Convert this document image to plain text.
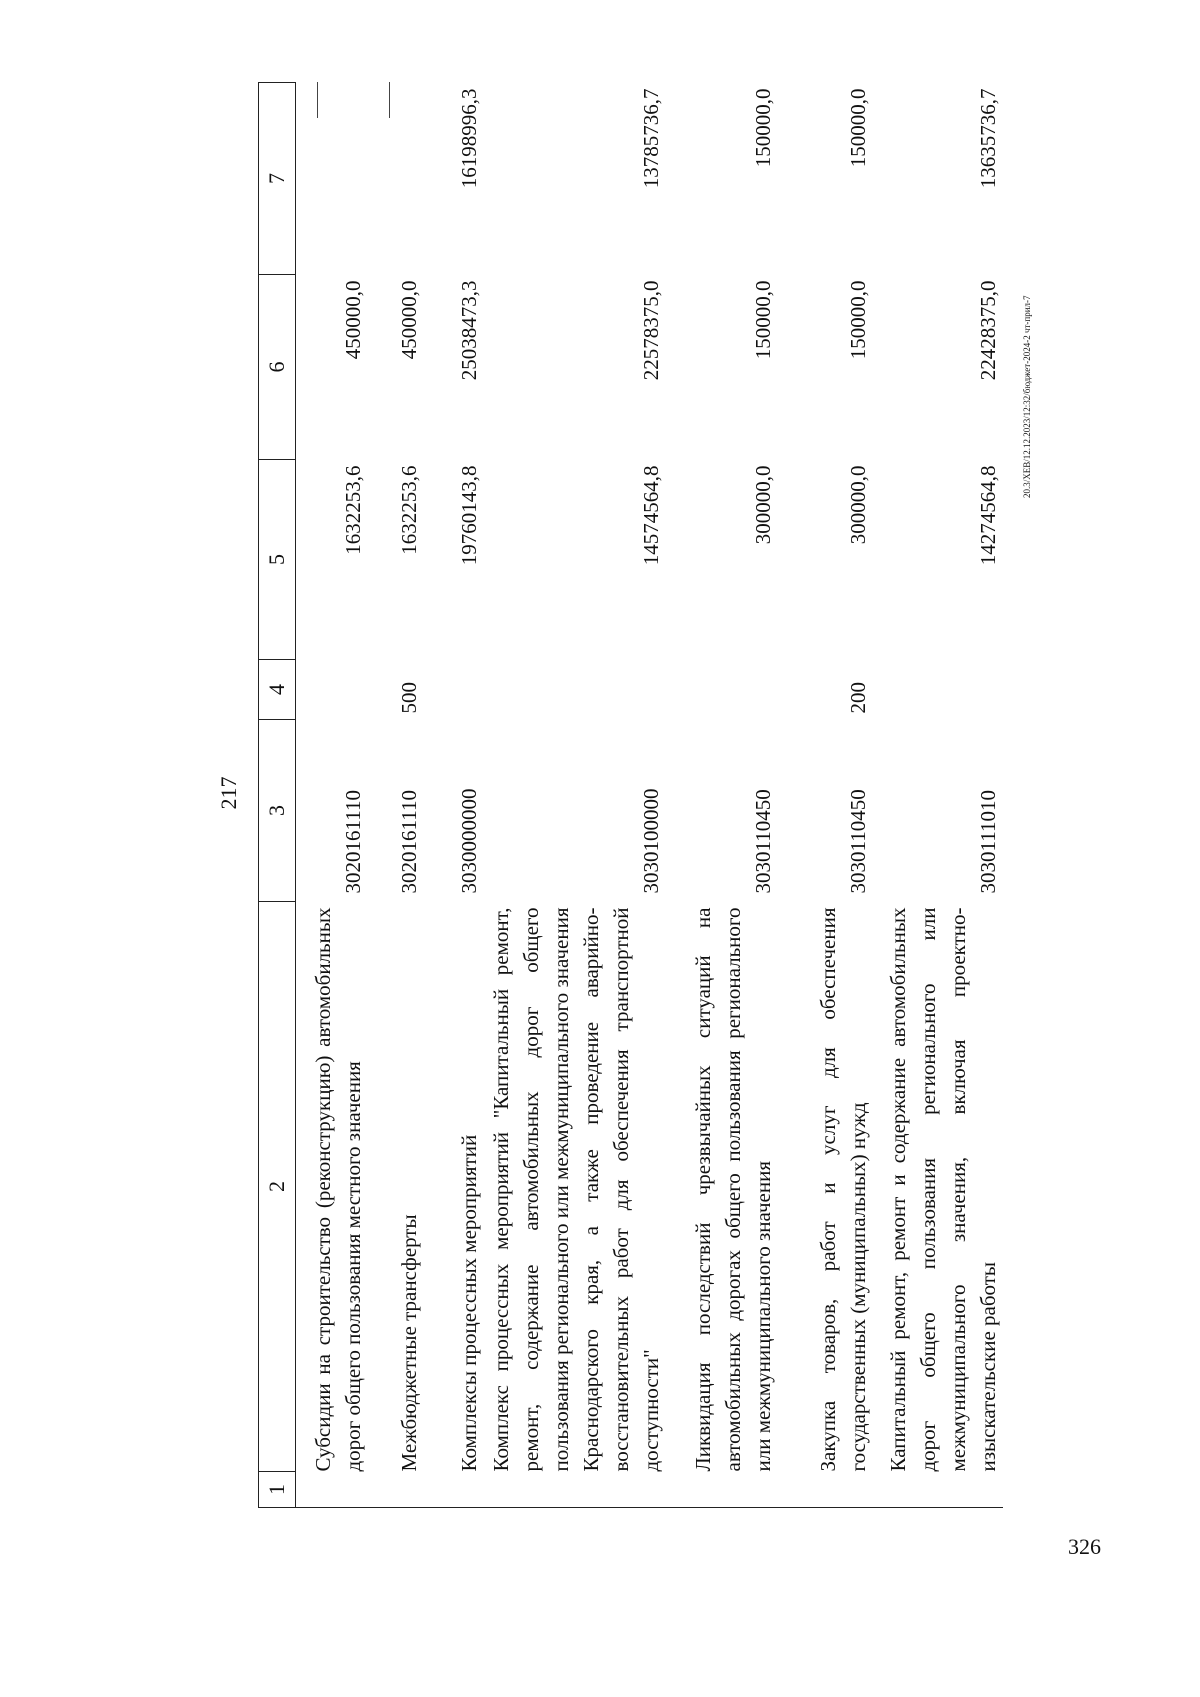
217
1	2	3	4	5	6	7

	Субсидии на строительство (реконструкцию) автомобильных дорог общего пользования местного значения	3020161110		1632253,6	450000,0	

	Межбюджетные трансферты	3020161110	500	1632253,6	450000,0	

	Комплексы процессных мероприятий	3030000000		19760143,8	25038473,3	16198996,3

	Комплекс процессных мероприятий "Капитальный ремонт, ремонт, содержание автомобильных дорог общего пользования регионального или межмуниципального значения Краснодарского края, а также проведение аварийно-восстановительных работ для обеспечения транспортной доступности"	3030100000		14574564,8	22578375,0	13785736,7

	Ликвидация последствий чрезвычайных ситуаций на автомобильных дорогах общего пользования регионального или межмуниципального значения	3030110450		300000,0	150000,0	150000,0

	Закупка товаров, работ и услуг для обеспечения государственных (муниципальных) нужд	3030110450	200	300000,0	150000,0	150000,0

	Капитальный ремонт, ремонт и содержание автомобильных дорог общего пользования регионального или межмуниципального значения, включая проектно-изыскательские работы	3030111010		14274564,8	22428375,0	13635736,7
20.3/ХЕВ/12.12.2023/12:32/бюджет-2024-2 чт-прил-7
326
